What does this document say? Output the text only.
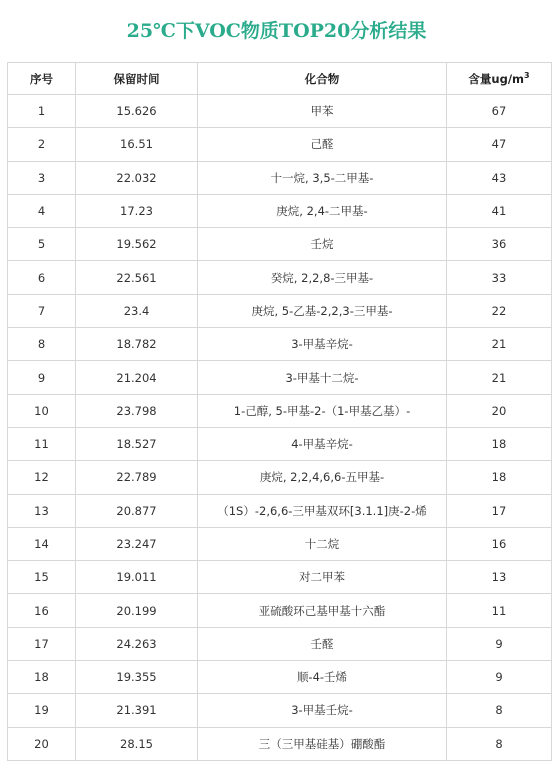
25℃下VOC物质TOP20分析结果
序号	保留时间	化合物	含量$ug/m^3$
1	15.626	甲苯	67
2	16.51	己醛	47
3	22.032	十一烷, 3,5-二甲基-	43
4	17.23	庚烷, 2,4-二甲基-	41
5	19.562	壬烷	36
6	22.561	癸烷, 2,2,8-三甲基-	33
7	23.4	庚烷, 5-乙基-2,2,3-三甲基-	22
8	18.782	3-甲基辛烷-	21
9	21.204	3-甲基十二烷-	21
10	23.798	1-己醇, 5-甲基-2-（1-甲基乙基）-	20
11	18.527	4-甲基辛烷-	18
12	22.789	庚烷, 2,2,4,6,6-五甲基-	18
13	20.877	（1S）-2,6,6-三甲基双环[3.1.1]庚-2-烯	17
14	23.247	十二烷	16
15	19.011	对二甲苯	13
16	20.199	亚硫酸环己基甲基十六酯	11
17	24.263	壬醛	9
18	19.355	顺-4-壬烯	9
19	21.391	3-甲基壬烷-	8
20	28.15	三（三甲基硅基）硼酸酯	8
